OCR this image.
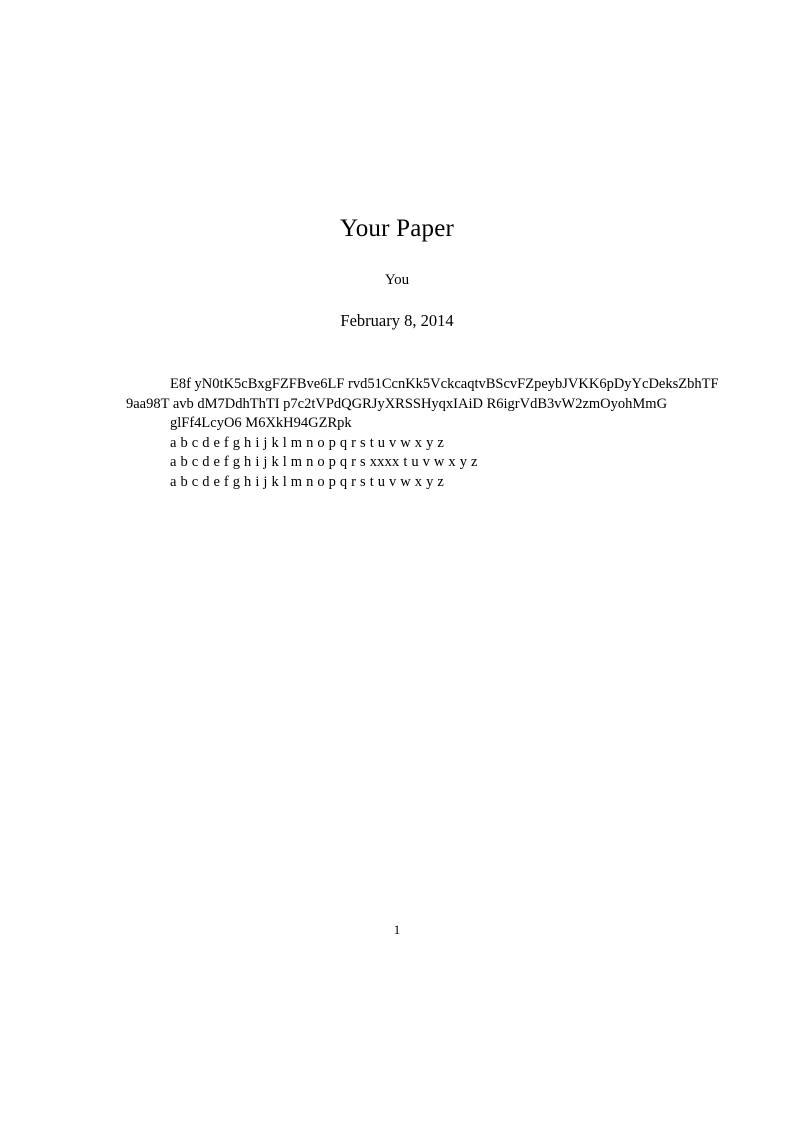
Your Paper
You
February 8, 2014
E8f yN0tK5cBxgFZFBve6LF rvd51CcnKk5VckcaqtvBScvFZpeybJVKK6pDyYcDeksZbhTF
9aa98T avb dM7DdhThTI p7c2tVPdQGRJyXRSSHyqxIAiD R6igrVdB3vW2zmOyohMmG
glFf4LcyO6 M6XkH94GZRpk
a b c d e f g h i j k l m n o p q r s t u v w x y z
a b c d e f g h i j k l m n o p q r s xxxx t u v w x y z
a b c d e f g h i j k l m n o p q r s t u v w x y z
1
